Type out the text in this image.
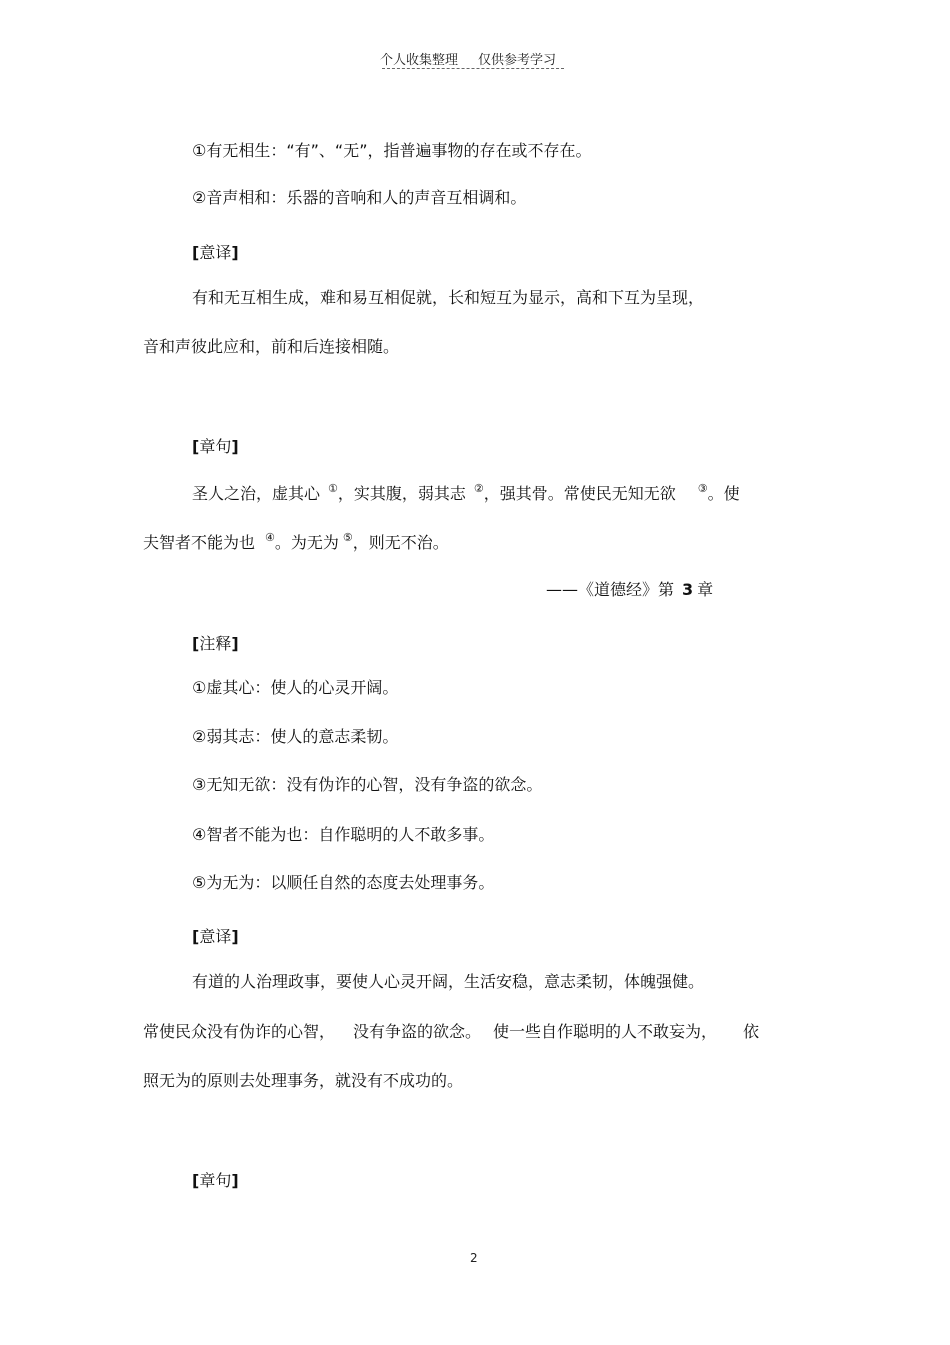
个人收集整理 仅供参考学习
①有无相生：“有”、“无”，指普遍事物的存在或不存在。
②音声相和：乐器的音响和人的声音互相调和。
[意译]
有和无互相生成，难和易互相促就，长和短互为显示，高和下互为呈现，
音和声彼此应和，前和后连接相随。
[章句]
圣人之治，虚其心 ①，实其腹，弱其志 ②，强其骨。常使民无知无欲 ③。使
夫智者不能为也 ④。为无为 ⑤，则无不治。
——《道德经》第 3 章
[注释]
①虚其心：使人的心灵开阔。
②弱其志：使人的意志柔韧。
③无知无欲：没有伪诈的心智，没有争盗的欲念。
④智者不能为也：自作聪明的人不敢多事。
⑤为无为：以顺任自然的态度去处理事务。
[意译]
有道的人治理政事，要使人心灵开阔，生活安稳，意志柔韧，体魄强健。
常使民众没有伪诈的心智， 没有争盗的欲念。 使一些自作聪明的人不敢妄为， 依
照无为的原则去处理事务，就没有不成功的。
[章句]
2
